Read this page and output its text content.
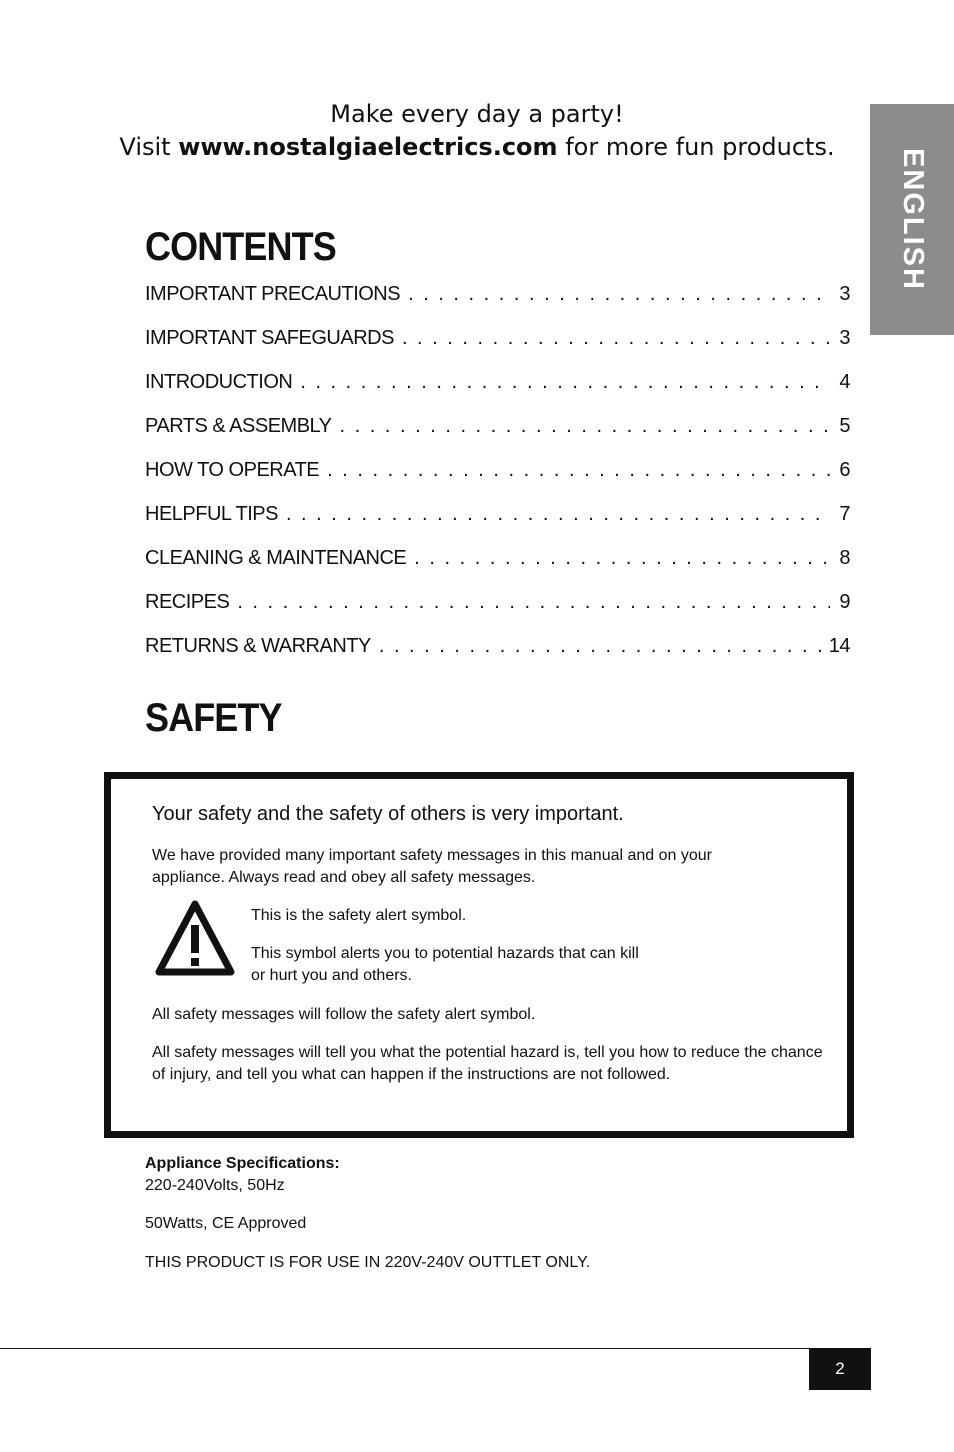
Make every day a party!
Visit www.nostalgiaelectrics.com for more fun products.
ENGLISH
CONTENTS
IMPORTANT PRECAUTIONS . . .	3
IMPORTANT SAFEGUARDS . . .	3
INTRODUCTION . . .	4
PARTS & ASSEMBLY . . .	5
HOW TO OPERATE . . .	6
HELPFUL TIPS . . .	7
CLEANING & MAINTENANCE . . .	8
RECIPES . . .	9
RETURNS & WARRANTY . . .	14
SAFETY
Your safety and the safety of others is very important.
We have provided many important safety messages in this manual and on your appliance. Always read and obey all safety messages.
This is the safety alert symbol.
This symbol alerts you to potential hazards that can kill or hurt you and others.
All safety messages will follow the safety alert symbol.
All safety messages will tell you what the potential hazard is, tell you how to reduce the chance of injury, and tell you what can happen if the instructions are not followed.
Appliance Specifications:
220-240Volts, 50Hz
50Watts, CE Approved
THIS PRODUCT IS FOR USE IN 220V-240V OUTTLET ONLY.
2
